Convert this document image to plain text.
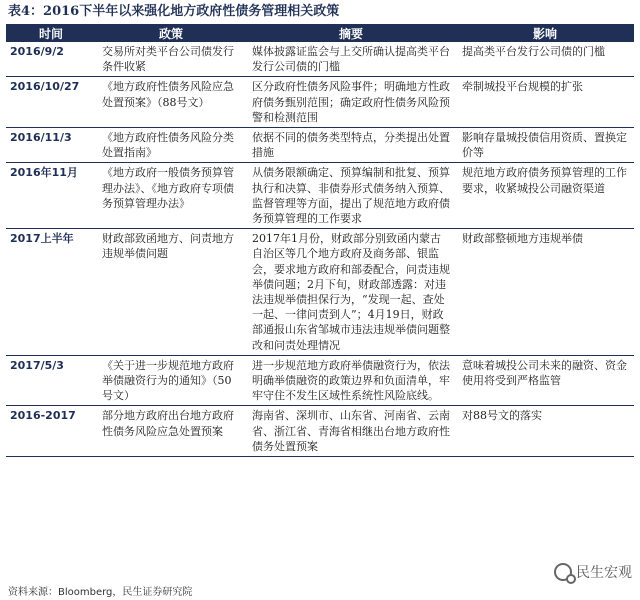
表4：2016下半年以来强化地方政府性债务管理相关政策
时间	政策	摘要	影响
2016/9/2	交易所对类平台公司债发行条件收紧	媒体披露证监会与上交所确认提高类平台发行公司债的门槛	提高类平台发行公司债的门槛
2016/10/27	《地方政府性债务风险应急处置预案》（88号文）	区分政府性债务风险事件；明确地方性政府债务甄别范围；确定政府性债务风险预警和检测范围	牵制城投平台规模的扩张
2016/11/3	《地方政府性债务风险分类处置指南》	依据不同的债务类型特点，分类提出处置措施	影响存量城投债信用资质、置换定价等
2016年11月	《地方政府一般债务预算管理办法》、《地方政府专项债务预算管理办法》	从债务限额确定、预算编制和批复、预算执行和决算、非债券形式债务纳入预算、监督管理等方面，提出了规范地方政府债务预算管理的工作要求	规范地方政府债务预算管理的工作要求，收紧城投公司融资渠道
2017上半年	财政部致函地方、问责地方违规举债问题	2017年1月份，财政部分别致函内蒙古自治区等几个地方政府及商务部、银监会，要求地方政府和部委配合，问责违规举债问题；2月下旬，财政部透露：对违法违规举债担保行为，“发现一起、查处一起、一律问责到人”；4月19日，财政部通报山东省邹城市违法违规举债问题整改和问责处理情况	财政部整顿地方违规举债
2017/5/3	《关于进一步规范地方政府举债融资行为的通知》（50号文）	进一步规范地方政府举债融资行为，依法明确举债融资的政策边界和负面清单，牢牢守住不发生区域性系统性风险底线。	意味着城投公司未来的融资、资金使用将受到严格监管
2016-2017	部分地方政府出台地方政府性债务风险应急处置预案	海南省、深圳市、山东省、河南省、云南省、浙江省、青海省相继出台地方政府性债务处置预案	对88号文的落实
民生宏观
资料来源：Bloomberg，民生证券研究院
